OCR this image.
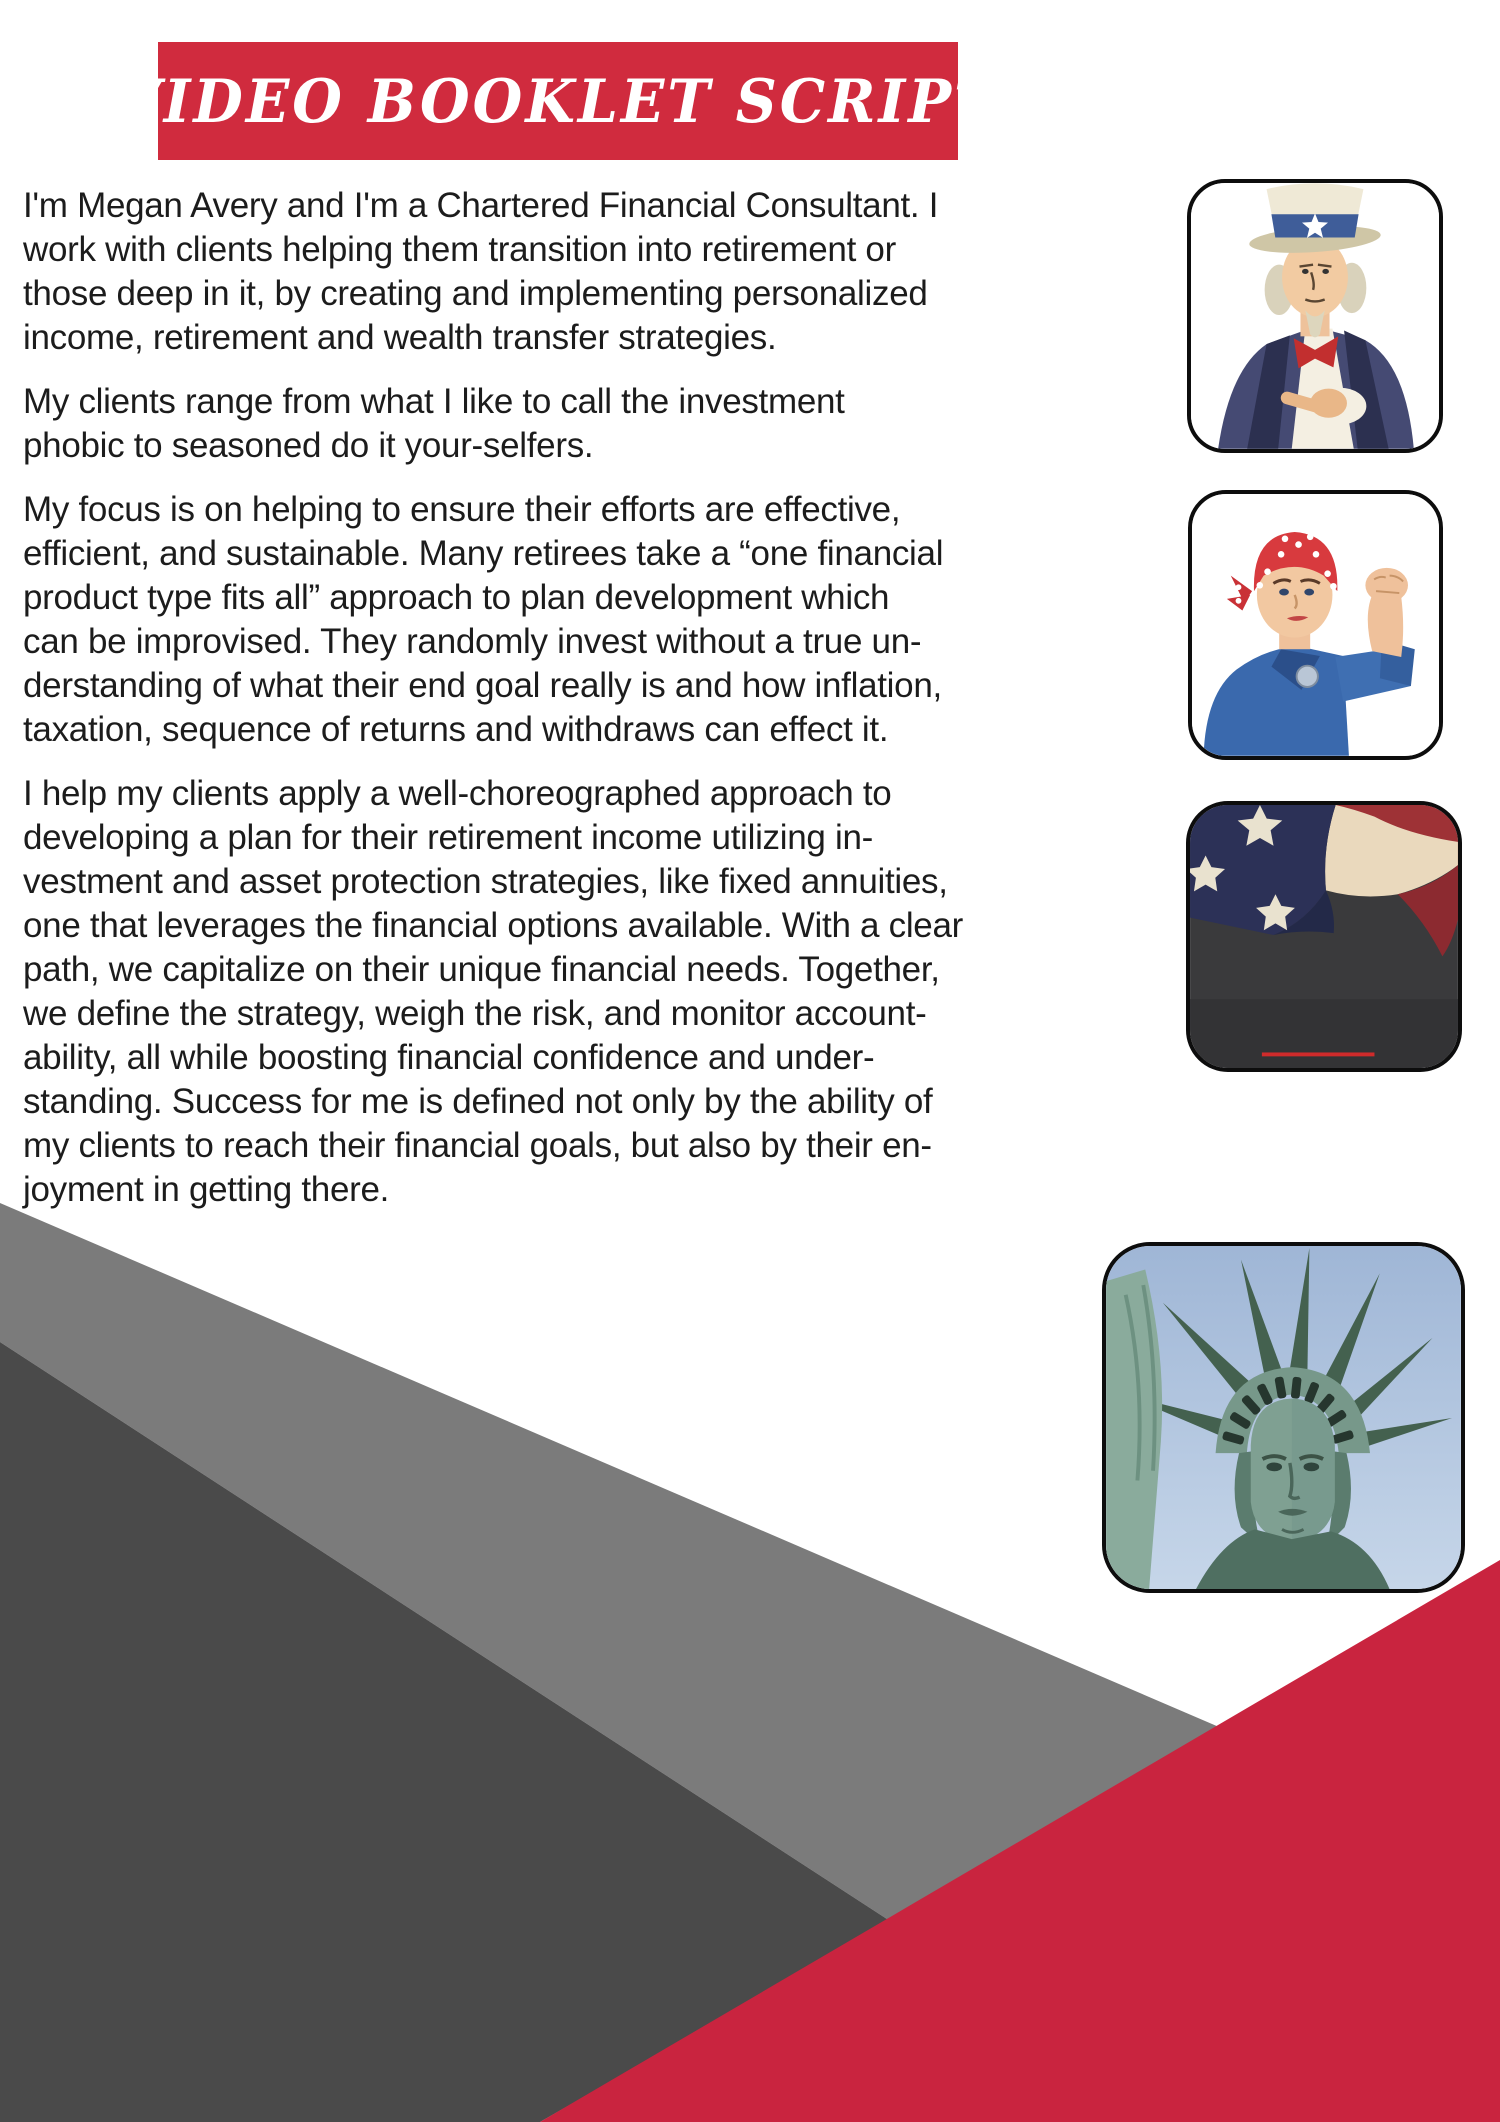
VIDEO BOOKLET SCRIPT
I'm Megan Avery and I'm a Chartered Financial Consultant. I
work with clients helping them transition into retirement or
those deep in it, by creating and implementing personalized
income, retirement and wealth transfer strategies.
My clients range from what I like to call the investment
phobic to seasoned do it your-selfers.
My focus is on helping to ensure their efforts are effective,
efficient, and sustainable. Many retirees take a “one financial
product type fits all” approach to plan development which
can be improvised. They randomly invest without a true un-
derstanding of what their end goal really is and how inflation,
taxation, sequence of returns and withdraws can effect it.
I help my clients apply a well-choreographed approach to
developing a plan for their retirement income utilizing in-
vestment and asset protection strategies, like fixed annuities,
one that leverages the financial options available. With a clear
path, we capitalize on their unique financial needs. Together,
we define the strategy, weigh the risk, and monitor account-
ability, all while boosting financial confidence and under-
standing. Success for me is defined not only by the ability of
my clients to reach their financial goals, but also by their en-
joyment in getting there.
